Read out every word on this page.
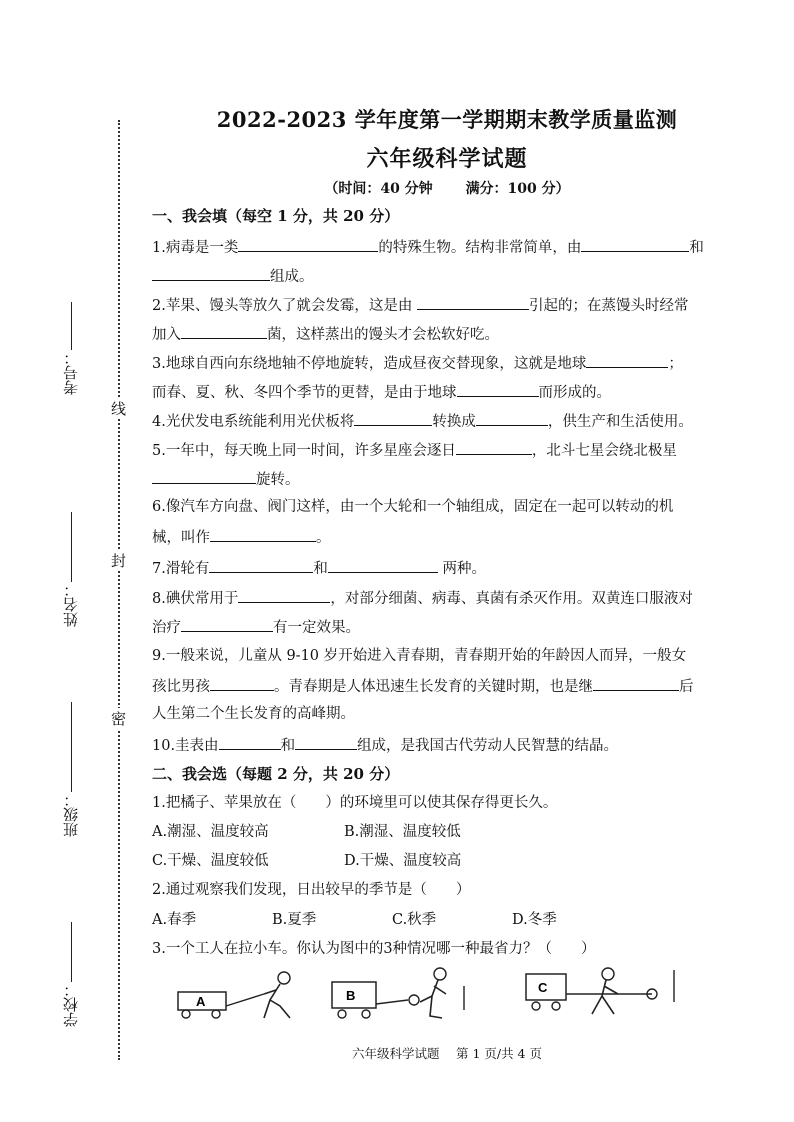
考号：
姓名：
班级：
学校：
线
封
密
2022-2023 学年度第一学期期末教学质量监测
六年级科学试题
（时间：40 分钟 满分：100 分）
一、我会填（每空 1 分，共 20 分）
1.病毒是一类	的特殊生物。结构非常简单，由	和
组成。
2.苹果、馒头等放久了就会发霉，这是由	引起的；在蒸馒头时经常
加入	菌，这样蒸出的馒头才会松软好吃。
3.地球自西向东绕地轴不停地旋转，造成昼夜交替现象，这就是地球	；
而春、夏、秋、冬四个季节的更替，是由于地球	而形成的。
4.光伏发电系统能利用光伏板将	转换成	，供生产和生活使用。
5.一年中，每天晚上同一时间，许多星座会逐日	，北斗七星会绕北极星
旋转。
6.像汽车方向盘、阀门这样，由一个大轮和一个轴组成，固定在一起可以转动的机
械，叫作	。
7.滑轮有	和	两种。
8.碘伏常用于	，对部分细菌、病毒、真菌有杀灭作用。双黄连口服液对
治疗	有一定效果。
9.一般来说，儿童从 9-10 岁开始进入青春期，青春期开始的年龄因人而异，一般女
孩比男孩	。青春期是人体迅速生长发育的关键时期，也是继	后
人生第二个生长发育的高峰期。
10.圭表由	和	组成，是我国古代劳动人民智慧的结晶。
二、我会选（每题 2 分，共 20 分）
1.把橘子、苹果放在（　　）的环境里可以使其保存得更长久。
A.潮湿、温度较高	B.潮湿、温度较低
C.干燥、温度较低	D.干燥、温度较高
2.通过观察我们发现，日出较早的季节是（　　）
A.春季	B.夏季	C.秋季	D.冬季
3.一个工人在拉小车。你认为图中的3种情况哪一种最省力？（　　）
A	B
C
六年级科学试题　 第 1 页/共 4 页
